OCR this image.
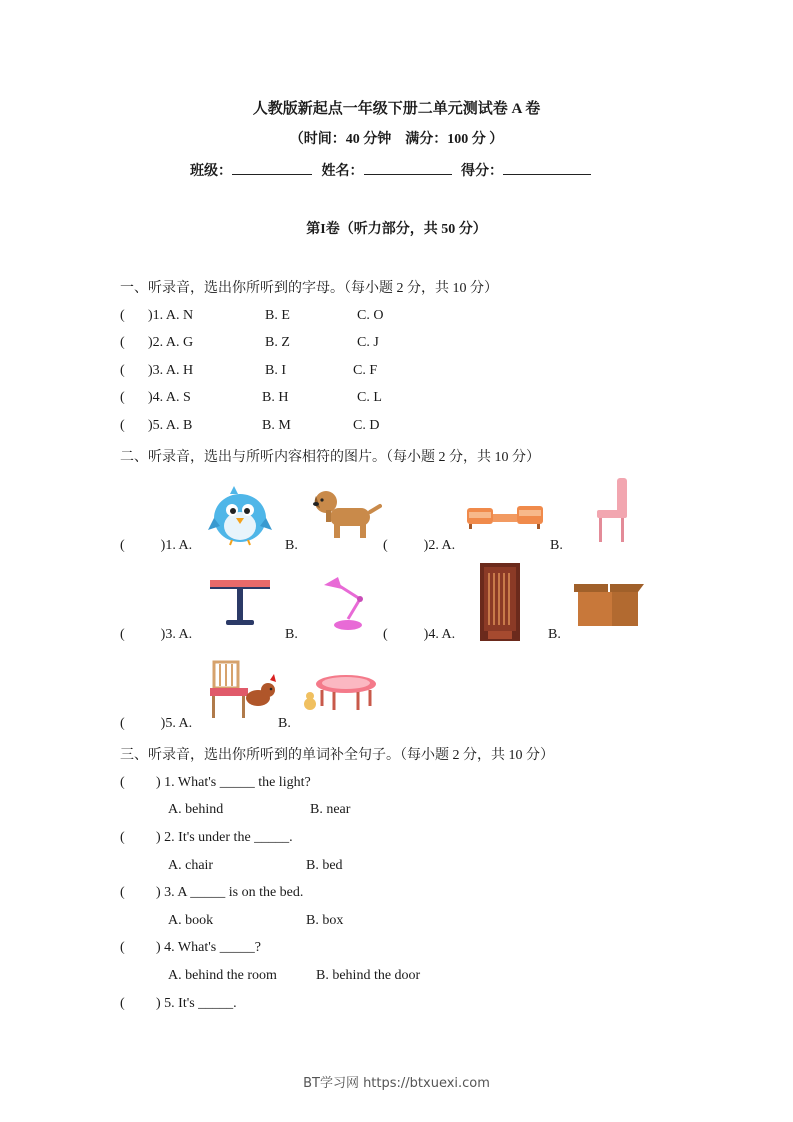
人教版新起点一年级下册二单元测试卷 A 卷
（时间：40 分钟　满分：100 分 ）
班级：	姓名：	得分：
第I卷（听力部分，共 50 分）
一、听录音，选出你所听到的字母。（每小题 2 分，共 10 分）
( )1. A. N	B. E	C. O
( )2. A. G	B. Z	C. J
( )3. A. H	B. I	C. F
( )4. A. S	B. H	C. L
( )5. A. B	B. M	C. D
二、听录音，选出与所听内容相符的图片。（每小题 2 分，共 10 分）
(	)1. A.	B.	(	)2. A.	B.
(	)3. A.	B.	(	)4. A.	B.
(	)5. A.	B.
三、听录音，选出你所听到的单词补全句子。（每小题 2 分，共 10 分）
( ) 1. What's _____ the light?
A. behind	B. near
( ) 2. It's under the _____.
A. chair	B. bed
( ) 3. A _____ is on the bed.
A. book	B. box
( ) 4. What's _____?
A. behind the room	B. behind the door
( ) 5. It's _____.
BT学习网 https://btxuexi.com
